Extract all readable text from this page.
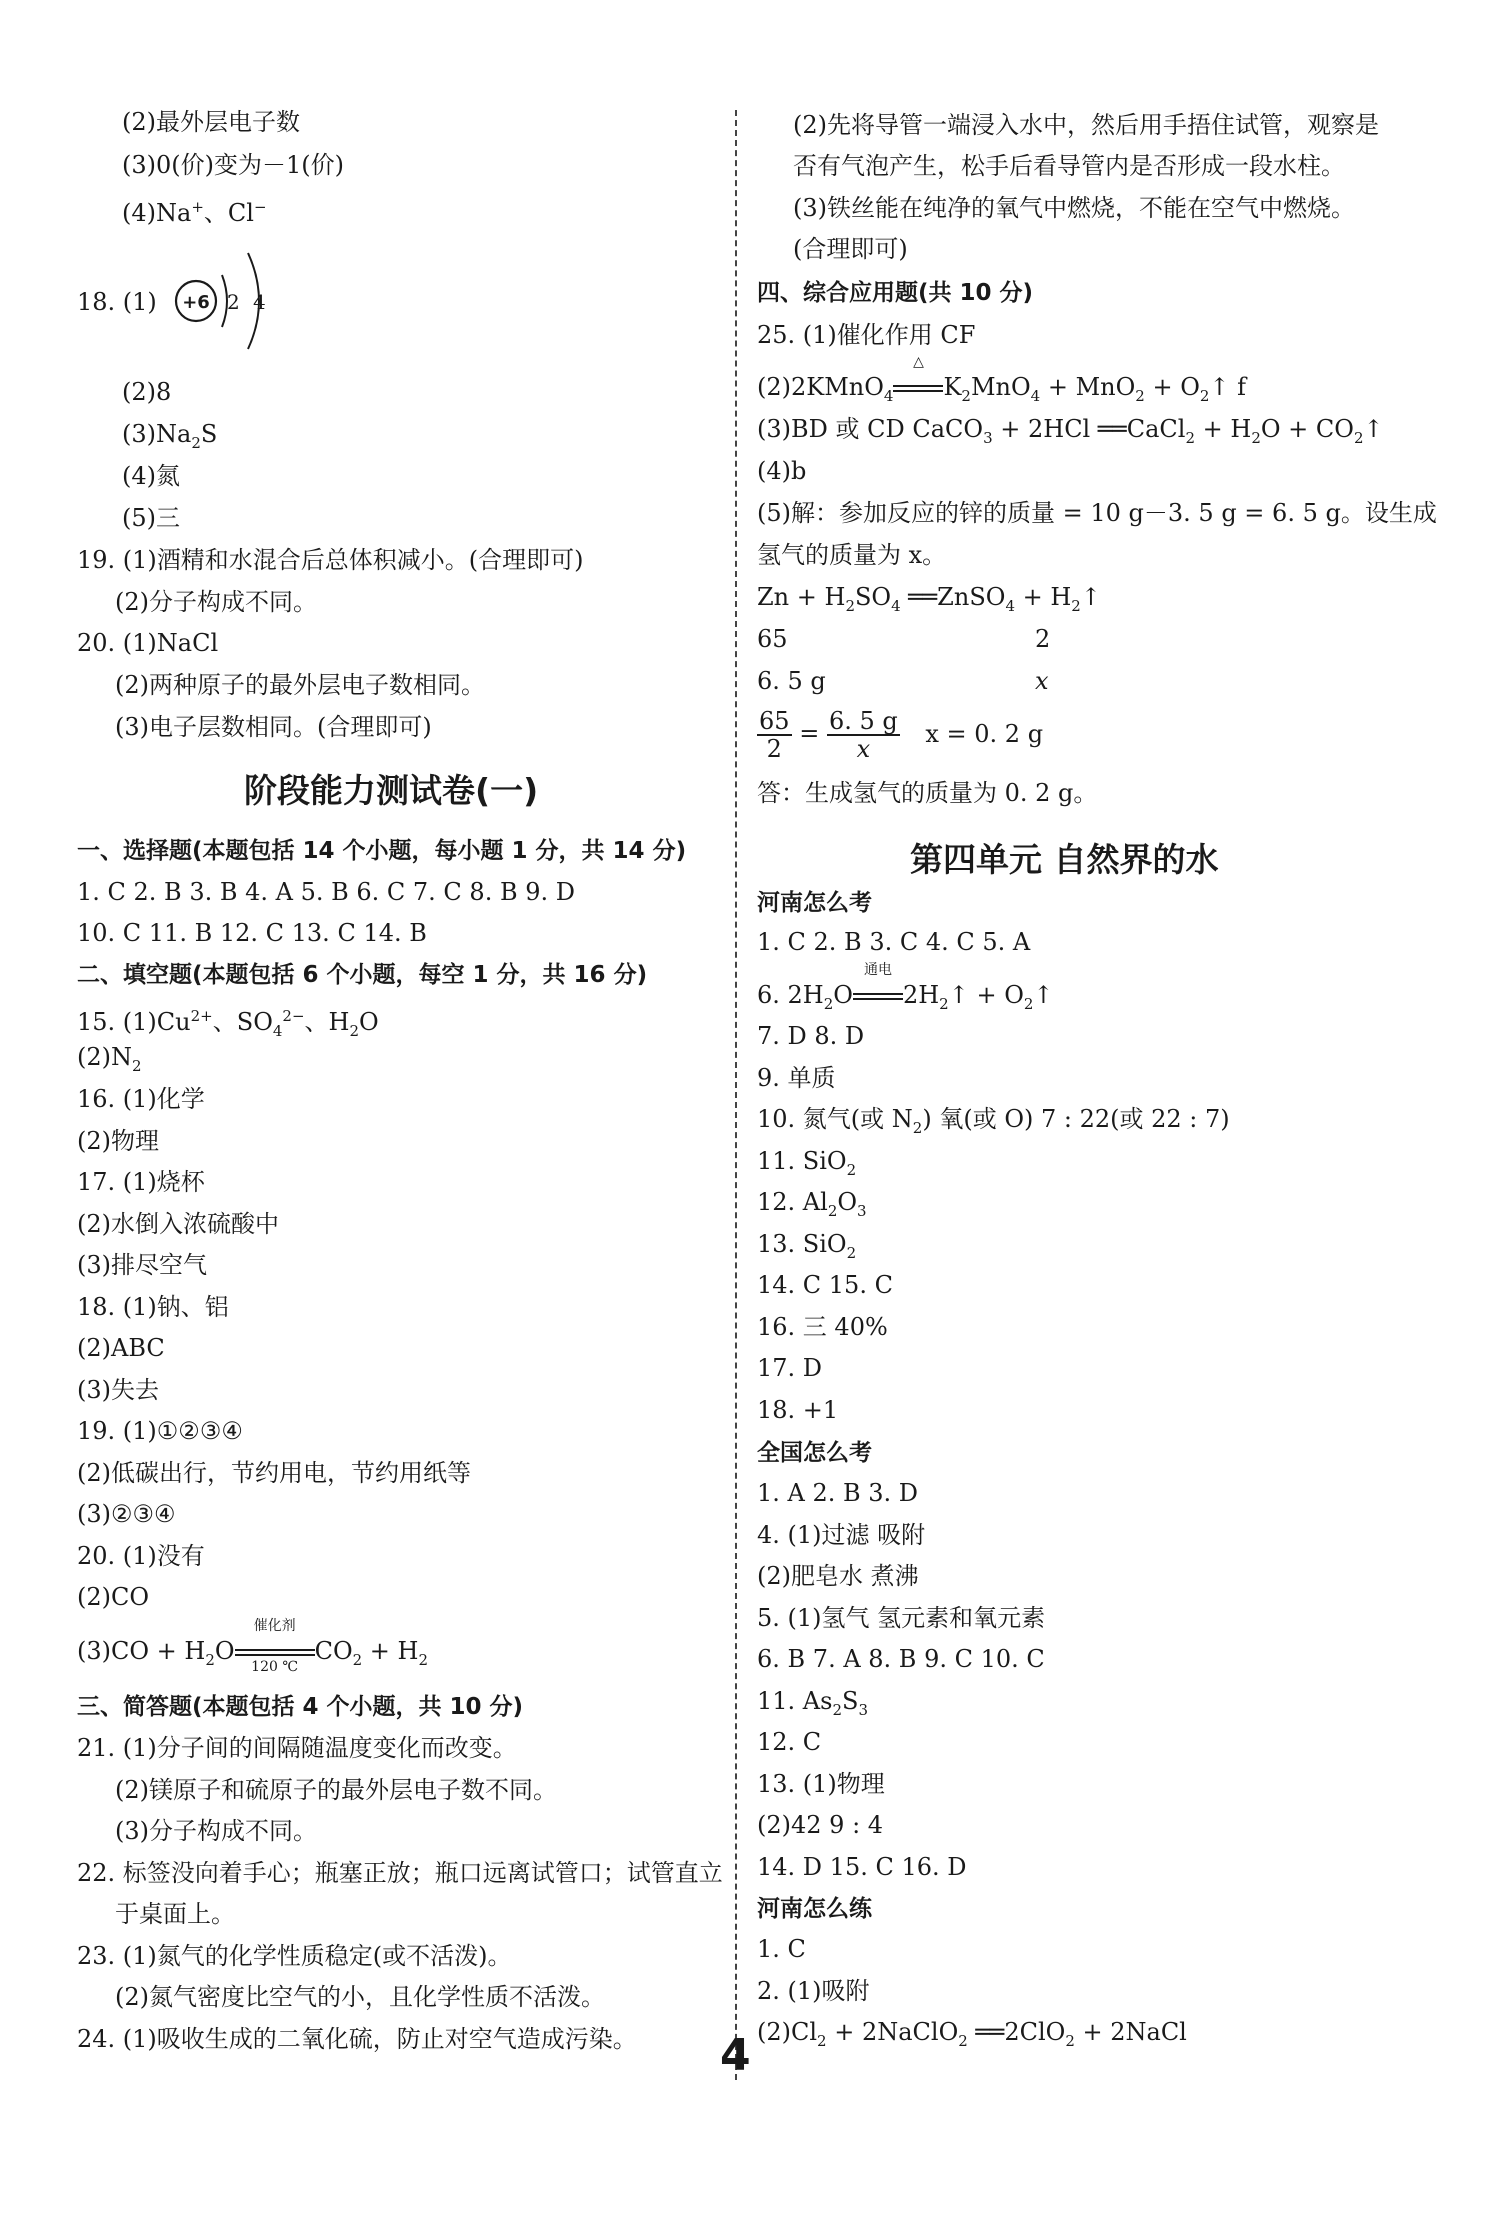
(2)最外层电子数
(3)0(价)变为－1(价)
(4)Na+、Cl−
18. (1) +6 2 4
(2)8
$(3)Na_2S$
(4)氮
(5)三
19. (1)酒精和水混合后总体积减小。(合理即可)
(2)分子构成不同。
20. (1)NaCl
(2)两种原子的最外层电子数相同。
(3)电子层数相同。(合理即可)
阶段能力测试卷(一)
一、选择题(本题包括 14 个小题，每小题 1 分，共 14 分)
1. C 2. B 3. B 4. A 5. B 6. C 7. C 8. B 9. D
10. C 11. B 12. C 13. C 14. B
二、填空题(本题包括 6 个小题，每空 1 分，共 16 分)
15. $(1)Cu^{2+}$、$SO_4^{2-}$、$H_2O$
$(2)N_2$
16. (1)化学
(2)物理
17. (1)烧杯
(2)水倒入浓硫酸中
(3)排尽空气
18. (1)钠、铝
(2)ABC
(3)失去
19. (1)①②③④
(2)低碳出行，节约用电，节约用纸等
(3)②③④
20. (1)没有
(2)CO
$(3)CO + H_2O$
催化剂
120 ℃
$CO_2 + H_2$
三、简答题(本题包括 4 个小题，共 10 分)
21. (1)分子间的间隔随温度变化而改变。
(2)镁原子和硫原子的最外层电子数不同。
(3)分子构成不同。
22. 标签没向着手心；瓶塞正放；瓶口远离试管口；试管直立
于桌面上。
23. (1)氮气的化学性质稳定(或不活泼)。
(2)氮气密度比空气的小，且化学性质不活泼。
24. (1)吸收生成的二氧化硫，防止对空气造成污染。
(2)先将导管一端浸入水中，然后用手捂住试管，观察是
否有气泡产生，松手后看导管内是否形成一段水柱。
(3)铁丝能在纯净的氧气中燃烧，不能在空气中燃烧。
(合理即可)
四、综合应用题(共 10 分)
25. (1)催化作用 CF
(2)2KMnO$_4$
△
$K_2MnO_4 + MnO_2$ + $O_2↑$ f
(3)BD 或 CD CaCO$_3$ + 2HCl ══CaCl$_2$ + $H_2O$ + $CO_2↑$
(4)b
(5)解：参加反应的锌的质量 = 10 g－3. 5 g = 6. 5 g。设生成
氢气的质量为 x。
$Zn + H_2SO_4$ ══ZnSO$_4$ + $H_2↑$
65	2
6. 5 g	x
$\frac{65}{2} = \frac{6. 5 g}{x}$ x = 0. 2 g
答：生成氢气的质量为 0. 2 g。
第四单元 自然界的水
河南怎么考
1. C 2. B 3. C 4. C 5. A
6. $2H_2O$
通电
$2H_2↑$ + $O_2↑$
7. D 8. D
9. 单质
10. 氮气(或 $N_2$) 氧(或 O) 7 : 22(或 22 : 7)
11. SiO$_2$
12. $Al_2O_3$
13. SiO$_2$
14. C 15. C
16. 三 40%
17. D
18. +1
全国怎么考
1. A 2. B 3. D
4. (1)过滤 吸附
(2)肥皂水 煮沸
5. (1)氢气 氢元素和氧元素
6. B 7. A 8. B 9. C 10. C
11. $As_2S_3$
12. C
13. (1)物理
(2)42 9 : 4
14. D 15. C 16. D
河南怎么练
1. C
2. (1)吸附
$(2)Cl_2$ + 2NaClO$_2$ ══2ClO$_2$ + 2NaCl
4
